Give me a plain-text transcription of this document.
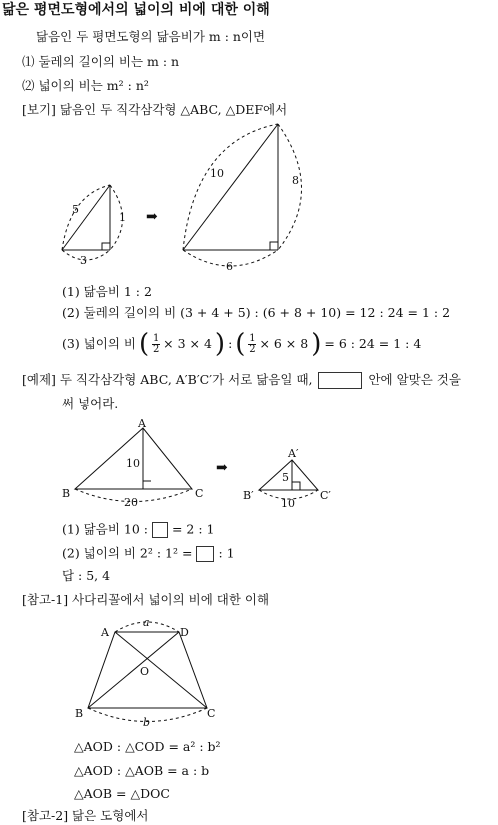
닮은 평면도형에서의 넓이의 비에 대한 이해
닮음인 두 평면도형의 닮음비가 m : n이면
⑴ 둘레의 길이의 비는 m : n
⑵ 넓이의 비는 m² : n²
[보기] 닮음인 두 직각삼각형 △ABC, △DEF에서
5
1
3
➡
10
8
6
A
B	C
10
20
➡
A′
B′	C′
5
10
A	D
O
B	C
a
b
(1) 닮음비 1 : 2
(2) 둘레의 길이의 비 (3 + 4 + 5) : (6 + 8 + 10) = 12 : 24 = 1 : 2
(3) 넓이의 비 ( 1
2 × 3 × 4 ) : ( 1
2 × 6 × 8 ) = 6 : 24 = 1 : 4
[예제] 두 직각삼각형 ABC, A′B′C′가 서로 닮음일 때,	안에 알맞은 것을
써 넣어라.
(1) 닮음비 10 : = 2 : 1
(2) 넓이의 비 2² : 1² = : 1
답 : 5, 4
[참고-1] 사다리꼴에서 넓이의 비에 대한 이해
△AOD : △COD = a² : b²
△AOD : △AOB = a : b
△AOB = △DOC
[참고-2] 닮은 도형에서
